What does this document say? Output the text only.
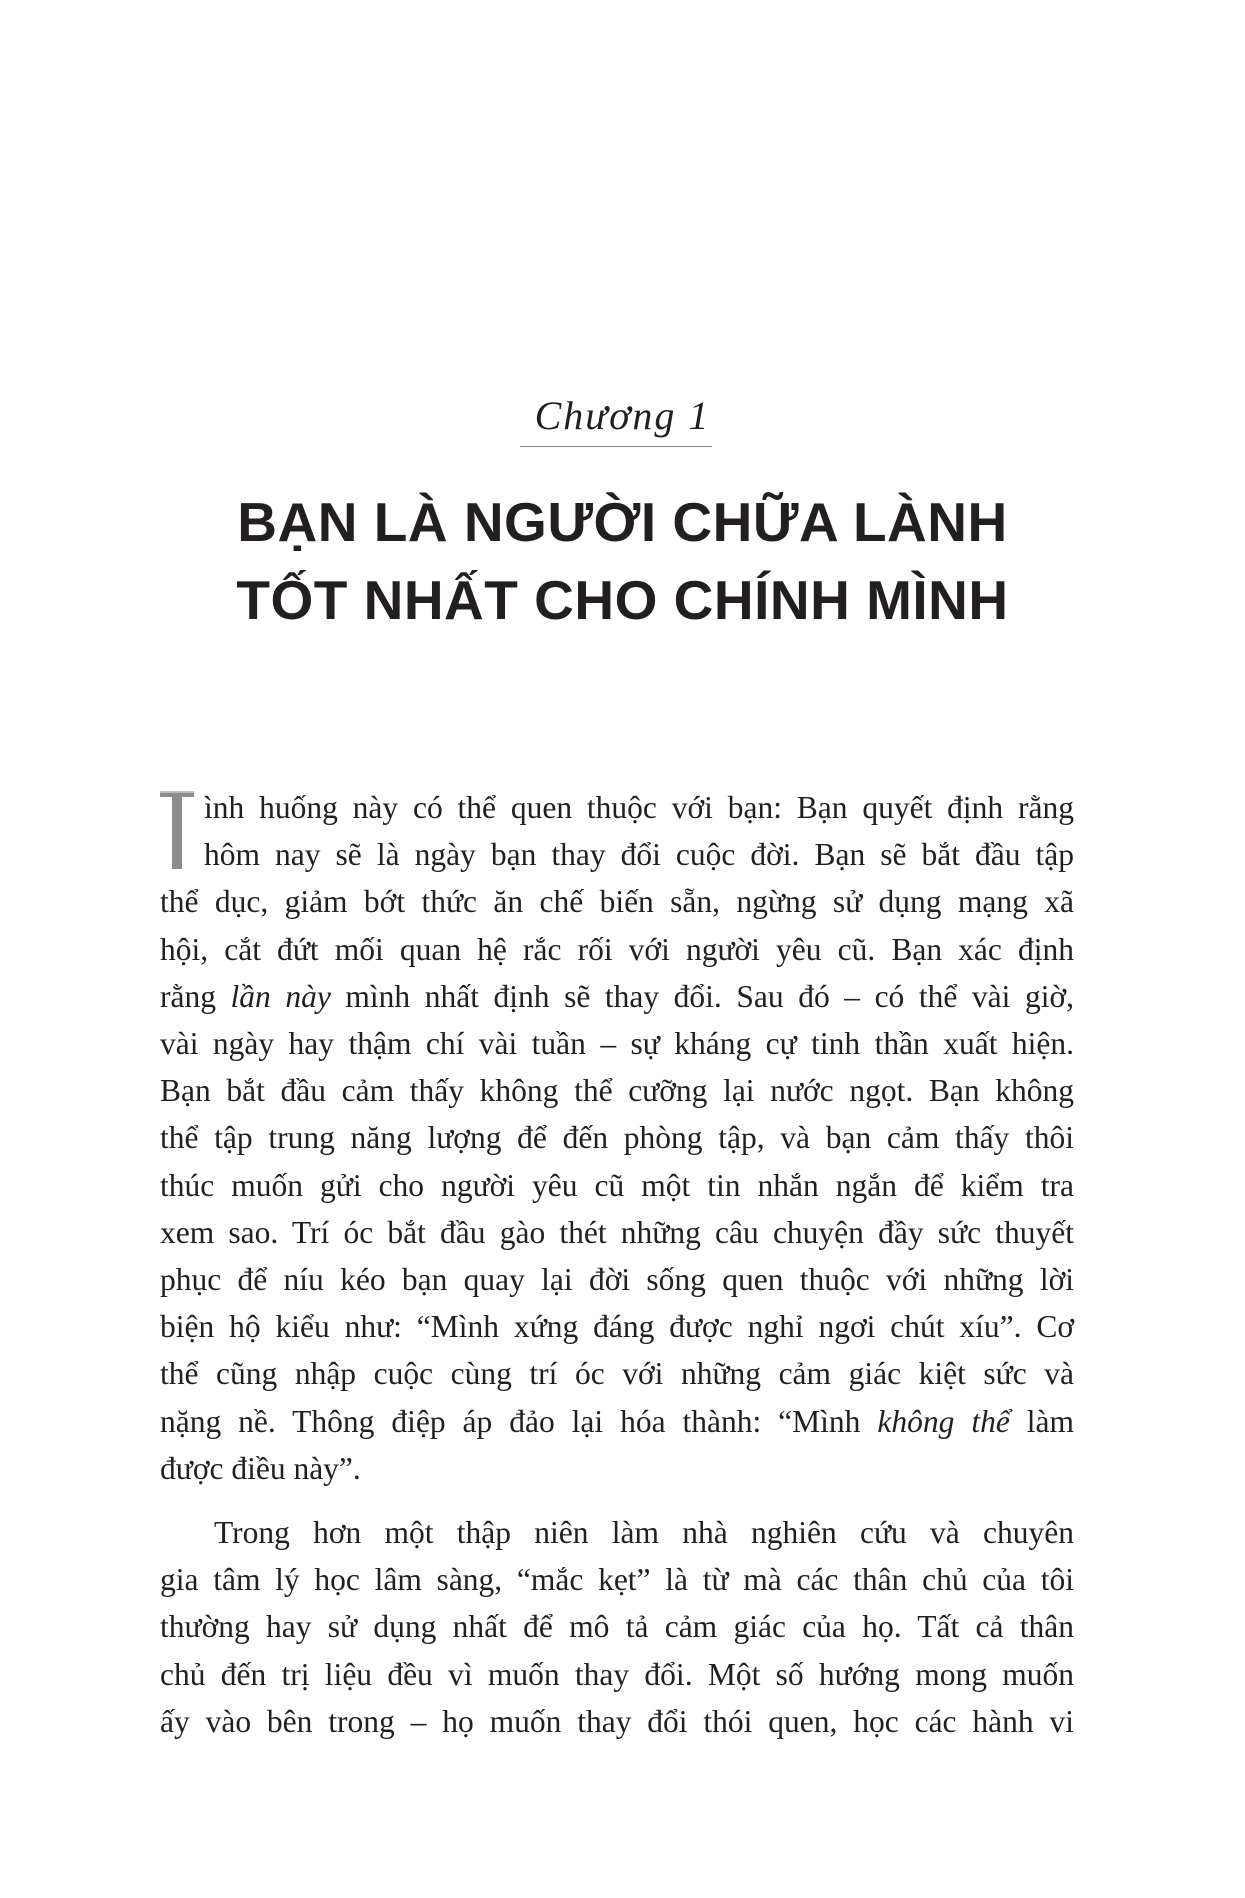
Chương 1
BẠN LÀ NGƯỜI CHỮA LÀNH
TỐT NHẤT CHO CHÍNH MÌNH
ình huống này có thể quen thuộc với bạn: Bạn quyết định rằng
hôm nay sẽ là ngày bạn thay đổi cuộc đời. Bạn sẽ bắt đầu tập
thể dục, giảm bớt thức ăn chế biến sẵn, ngừng sử dụng mạng xã
hội, cắt đứt mối quan hệ rắc rối với người yêu cũ. Bạn xác định
rằng lần này mình nhất định sẽ thay đổi. Sau đó – có thể vài giờ,
vài ngày hay thậm chí vài tuần – sự kháng cự tinh thần xuất hiện.
Bạn bắt đầu cảm thấy không thể cưỡng lại nước ngọt. Bạn không
thể tập trung năng lượng để đến phòng tập, và bạn cảm thấy thôi
thúc muốn gửi cho người yêu cũ một tin nhắn ngắn để kiểm tra
xem sao. Trí óc bắt đầu gào thét những câu chuyện đầy sức thuyết
phục để níu kéo bạn quay lại đời sống quen thuộc với những lời
biện hộ kiểu như: “Mình xứng đáng được nghỉ ngơi chút xíu”. Cơ
thể cũng nhập cuộc cùng trí óc với những cảm giác kiệt sức và
nặng nề. Thông điệp áp đảo lại hóa thành: “Mình không thể làm
được điều này”.
Trong hơn một thập niên làm nhà nghiên cứu và chuyên
gia tâm lý học lâm sàng, “mắc kẹt” là từ mà các thân chủ của tôi
thường hay sử dụng nhất để mô tả cảm giác của họ. Tất cả thân
chủ đến trị liệu đều vì muốn thay đổi. Một số hướng mong muốn
ấy vào bên trong – họ muốn thay đổi thói quen, học các hành vi
